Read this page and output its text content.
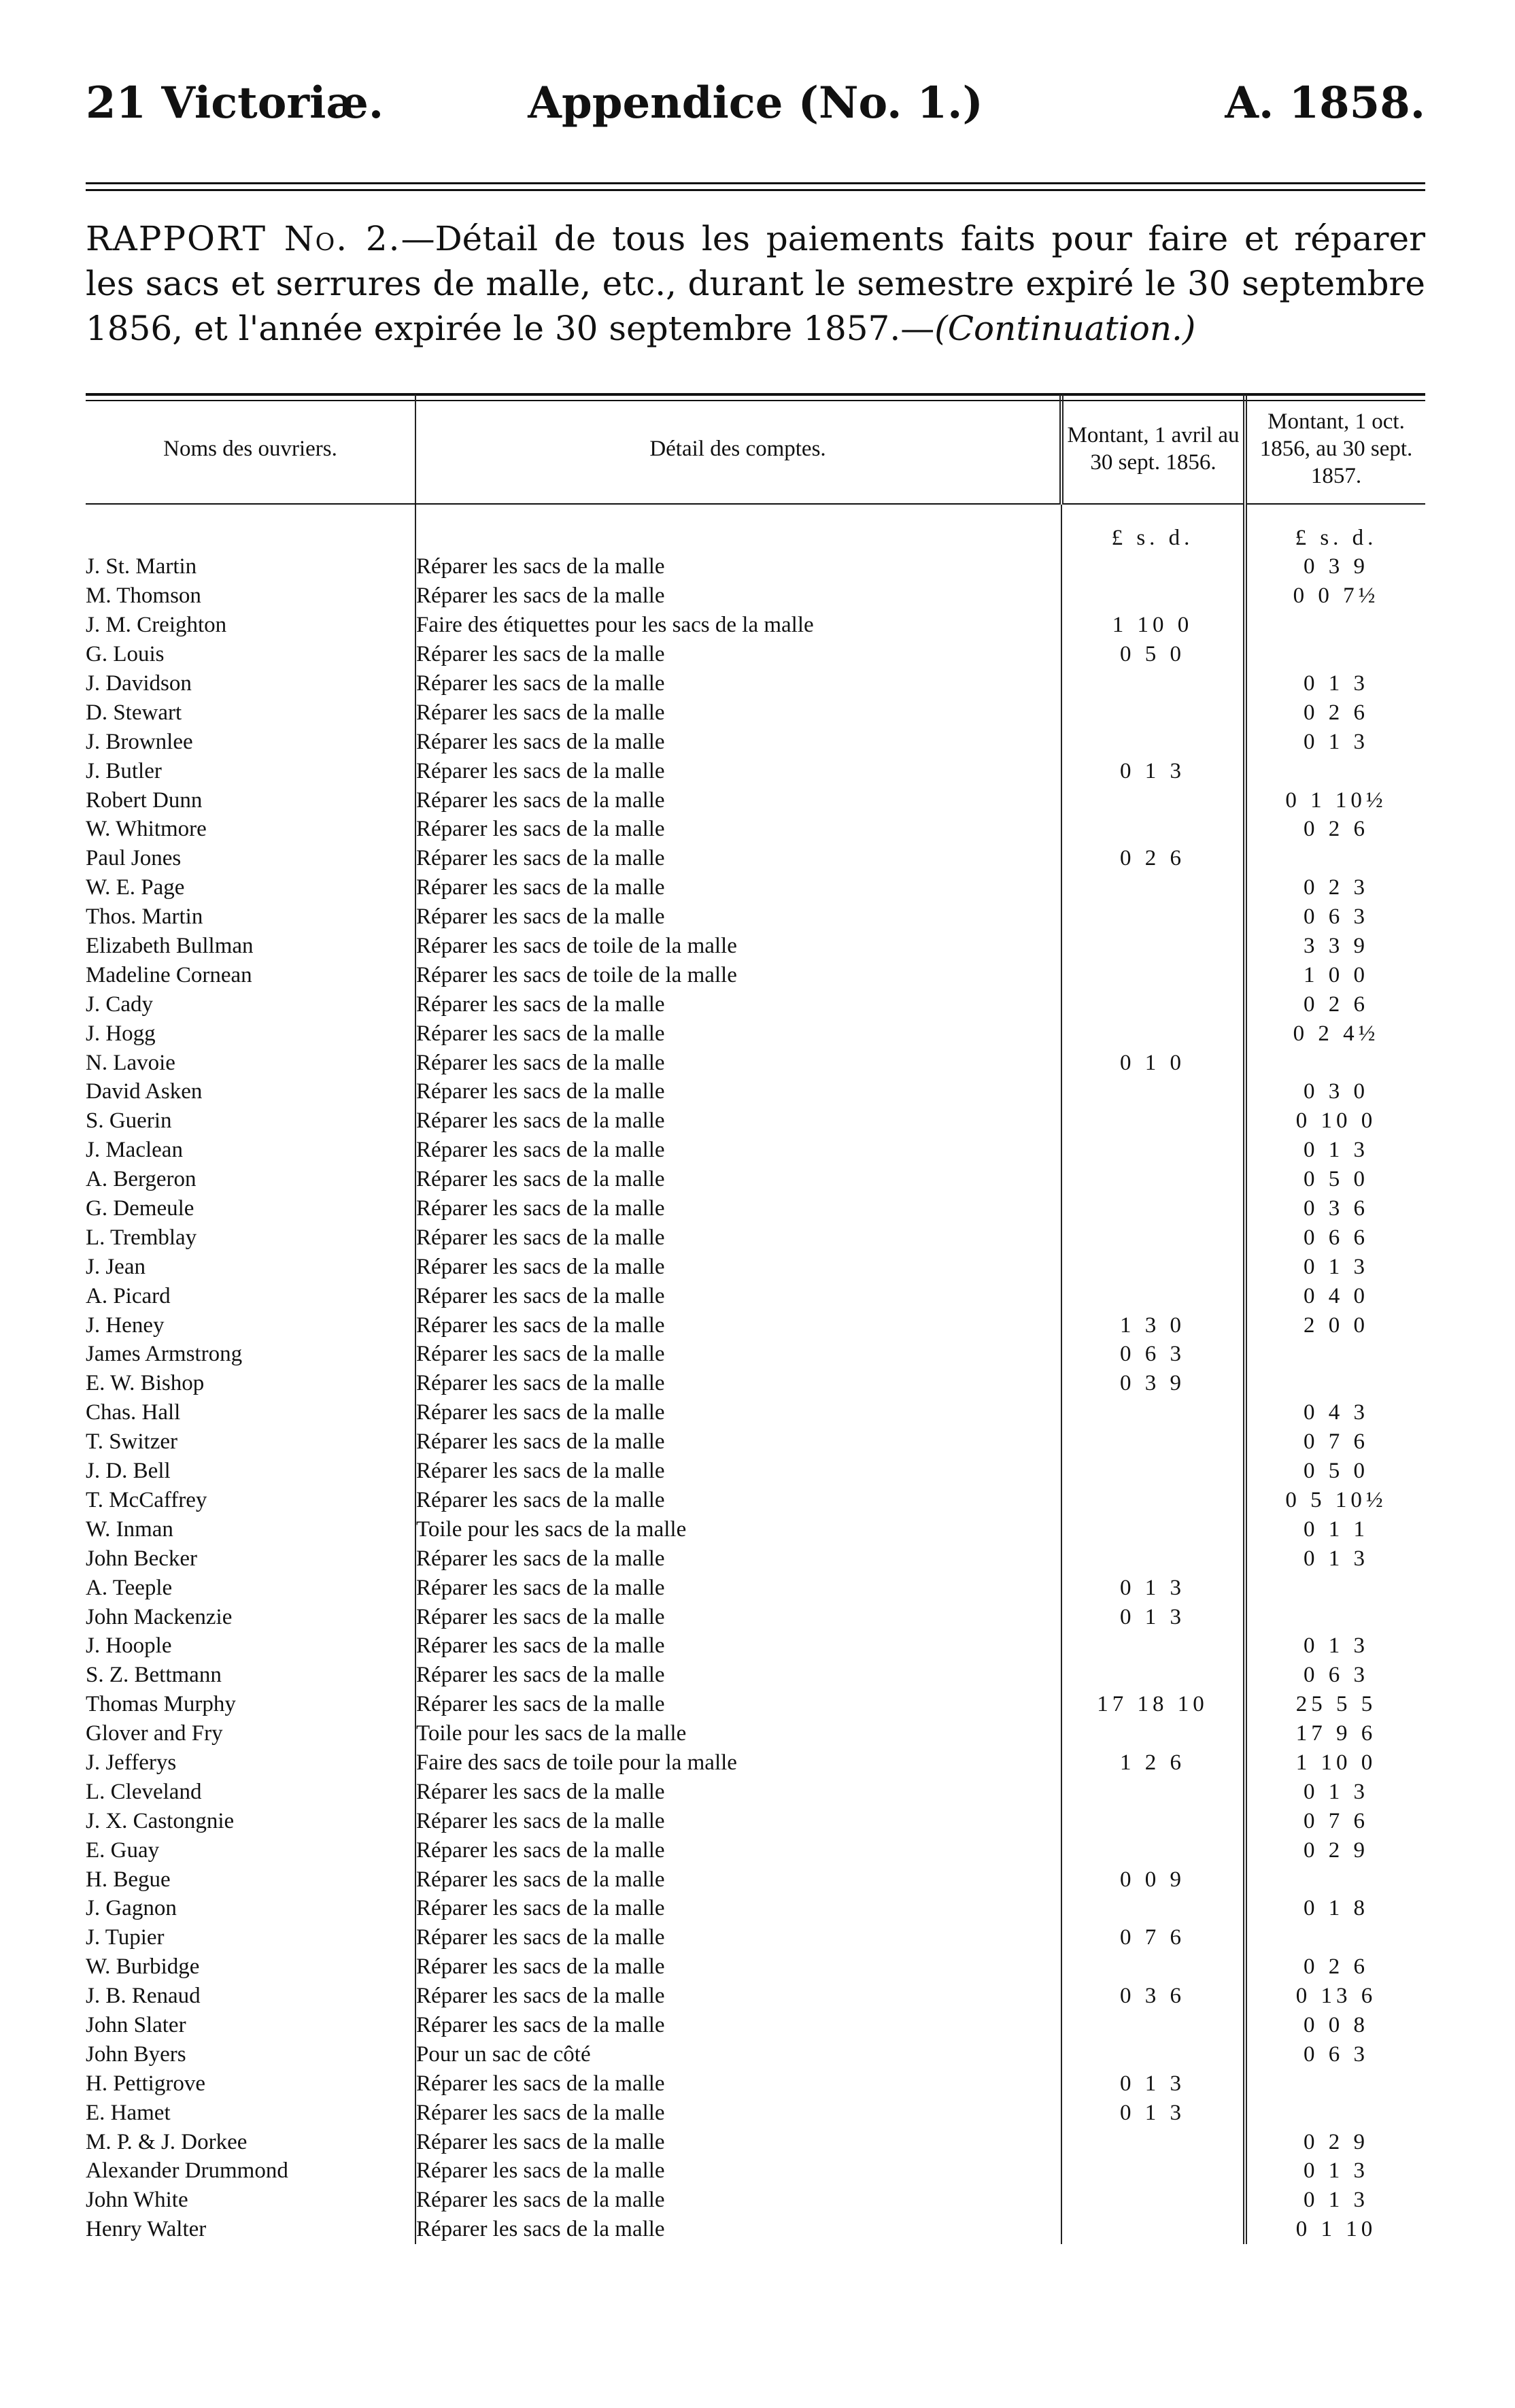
21 Victoriæ.	Appendice (No. 1.)	A. 1858.
RAPPORT No. 2.—Détail de tous les paiements faits pour faire et réparer les sacs et serrures de malle, etc., durant le semestre expiré le 30 septembre 1856, et l'année expirée le 30 septembre 1857.—(Continuation.)
Noms des ouvriers.	Détail des comptes.	Montant, 1 avril au 30 sept. 1856.	Montant, 1 oct. 1856, au 30 sept. 1857.
		£ s. d.	£ s. d.
J. St. Martin	Réparer les sacs de la malle		0 3 9
M. Thomson	Réparer les sacs de la malle		0 0 7½
J. M. Creighton	Faire des étiquettes pour les sacs de la malle	1 10 0	
G. Louis	Réparer les sacs de la malle	0 5 0	
J. Davidson	Réparer les sacs de la malle		0 1 3
D. Stewart	Réparer les sacs de la malle		0 2 6
J. Brownlee	Réparer les sacs de la malle		0 1 3
J. Butler	Réparer les sacs de la malle	0 1 3	
Robert Dunn	Réparer les sacs de la malle		0 1 10½
W. Whitmore	Réparer les sacs de la malle		0 2 6
Paul Jones	Réparer les sacs de la malle	0 2 6	
W. E. Page	Réparer les sacs de la malle		0 2 3
Thos. Martin	Réparer les sacs de la malle		0 6 3
Elizabeth Bullman	Réparer les sacs de toile de la malle		3 3 9
Madeline Cornean	Réparer les sacs de toile de la malle		1 0 0
J. Cady	Réparer les sacs de la malle		0 2 6
J. Hogg	Réparer les sacs de la malle		0 2 4½
N. Lavoie	Réparer les sacs de la malle	0 1 0	
David Asken	Réparer les sacs de la malle		0 3 0
S. Guerin	Réparer les sacs de la malle		0 10 0
J. Maclean	Réparer les sacs de la malle		0 1 3
A. Bergeron	Réparer les sacs de la malle		0 5 0
G. Demeule	Réparer les sacs de la malle		0 3 6
L. Tremblay	Réparer les sacs de la malle		0 6 6
J. Jean	Réparer les sacs de la malle		0 1 3
A. Picard	Réparer les sacs de la malle		0 4 0
J. Heney	Réparer les sacs de la malle	1 3 0	2 0 0
James Armstrong	Réparer les sacs de la malle	0 6 3	
E. W. Bishop	Réparer les sacs de la malle	0 3 9	
Chas. Hall	Réparer les sacs de la malle		0 4 3
T. Switzer	Réparer les sacs de la malle		0 7 6
J. D. Bell	Réparer les sacs de la malle		0 5 0
T. McCaffrey	Réparer les sacs de la malle		0 5 10½
W. Inman	Toile pour les sacs de la malle		0 1 1
John Becker	Réparer les sacs de la malle		0 1 3
A. Teeple	Réparer les sacs de la malle	0 1 3	
John Mackenzie	Réparer les sacs de la malle	0 1 3	
J. Hoople	Réparer les sacs de la malle		0 1 3
S. Z. Bettmann	Réparer les sacs de la malle		0 6 3
Thomas Murphy	Réparer les sacs de la malle	17 18 10	25 5 5
Glover and Fry	Toile pour les sacs de la malle		17 9 6
J. Jefferys	Faire des sacs de toile pour la malle	1 2 6	1 10 0
L. Cleveland	Réparer les sacs de la malle		0 1 3
J. X. Castongnie	Réparer les sacs de la malle		0 7 6
E. Guay	Réparer les sacs de la malle		0 2 9
H. Begue	Réparer les sacs de la malle	0 0 9	
J. Gagnon	Réparer les sacs de la malle		0 1 8
J. Tupier	Réparer les sacs de la malle	0 7 6	
W. Burbidge	Réparer les sacs de la malle		0 2 6
J. B. Renaud	Réparer les sacs de la malle	0 3 6	0 13 6
John Slater	Réparer les sacs de la malle		0 0 8
John Byers	Pour un sac de côté		0 6 3
H. Pettigrove	Réparer les sacs de la malle	0 1 3	
E. Hamet	Réparer les sacs de la malle	0 1 3	
M. P. & J. Dorkee	Réparer les sacs de la malle		0 2 9
Alexander Drummond	Réparer les sacs de la malle		0 1 3
John White	Réparer les sacs de la malle		0 1 3
Henry Walter	Réparer les sacs de la malle		0 1 10
